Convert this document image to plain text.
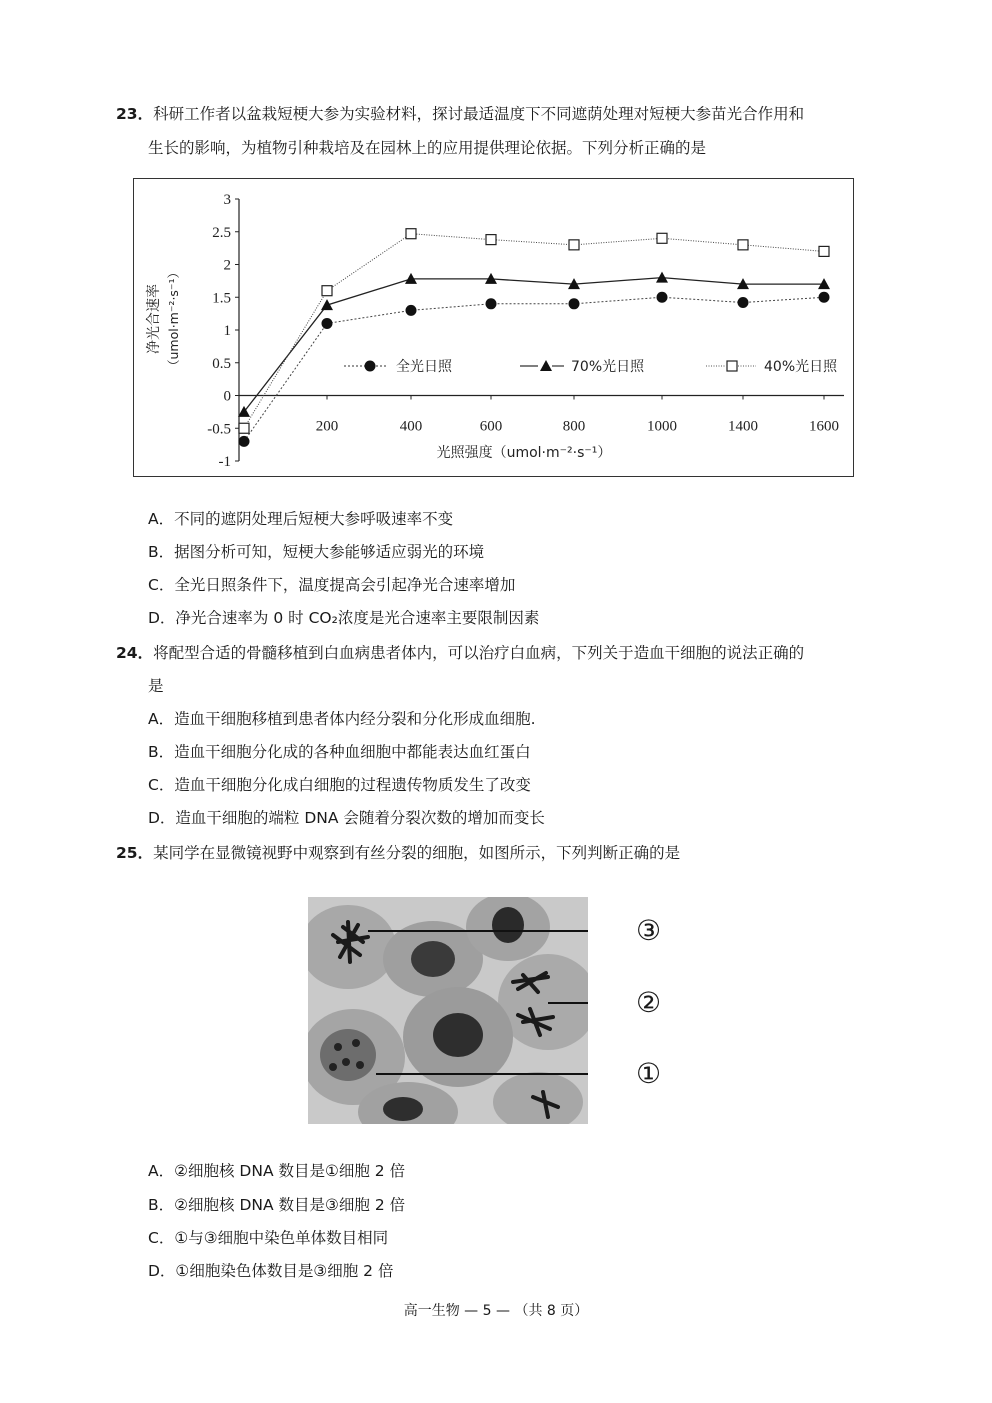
23．科研工作者以盆栽短梗大参为实验材料，探讨最适温度下不同遮荫处理对短梗大参苗光合作用和
生长的影响，为植物引种栽培及在园林上的应用提供理论依据。下列分析正确的是
净光合速率 （umol·m⁻²·s⁻¹）
光照强度（umol·m⁻²·s⁻¹）
3
2.5
2
1.5
1
0.5
0
-0.5
-1
200	400	600	800	1000	1400	1600
全光日照	70%光日照	40%光日照
A．不同的遮阴处理后短梗大参呼吸速率不变
B．据图分析可知，短梗大参能够适应弱光的环境
C．全光日照条件下，温度提高会引起净光合速率增加
D．净光合速率为 0 时 CO₂浓度是光合速率主要限制因素
24．将配型合适的骨髓移植到白血病患者体内，可以治疗白血病，下列关于造血干细胞的说法正确的
是
A．造血干细胞移植到患者体内经分裂和分化形成血细胞.
B．造血干细胞分化成的各种血细胞中都能表达血红蛋白
C．造血干细胞分化成白细胞的过程遗传物质发生了改变
D．造血干细胞的端粒 DNA 会随着分裂次数的增加而变长
25．某同学在显微镜视野中观察到有丝分裂的细胞，如图所示，下列判断正确的是
③
②
①
A．②细胞核 DNA 数目是①细胞 2 倍
B．②细胞核 DNA 数目是③细胞 2 倍
C．①与③细胞中染色单体数目相同
D．①细胞染色体数目是③细胞 2 倍
高一生物 — 5 — （共 8 页）
